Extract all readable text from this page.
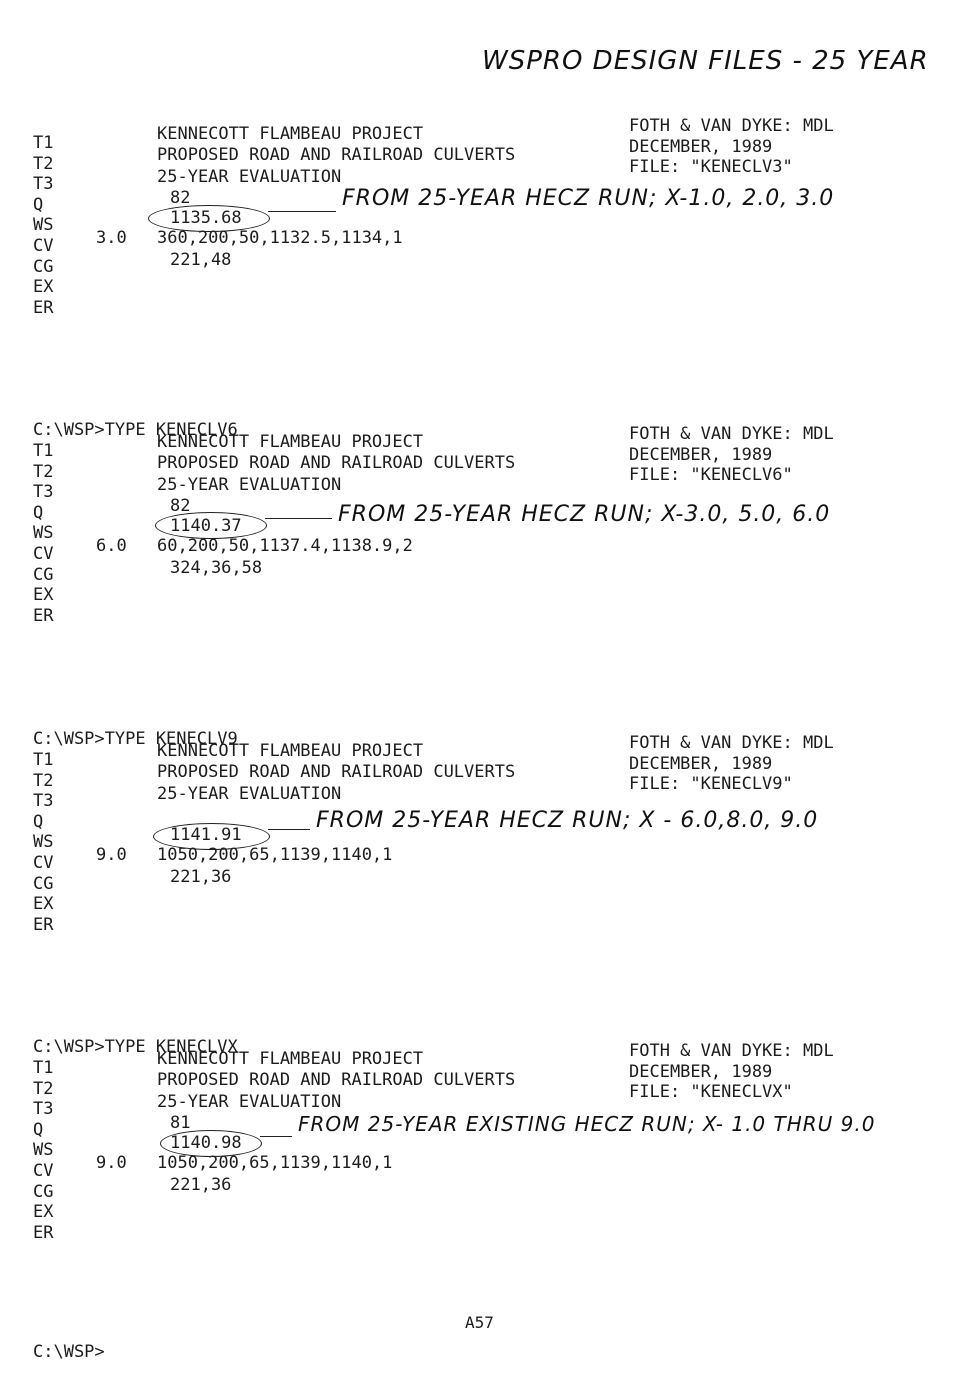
WSPRO DESIGN FILES - 25 YEAR
T1
T2
T3
Q
WS
CV
CG
EX
ER
KENNECOTT FLAMBEAU PROJECT
PROPOSED ROAD AND RAILROAD CULVERTS
25-YEAR EVALUATION
FOTH & VAN DYKE: MDL
DECEMBER, 1989
FILE: "KENECLV3"
82
1135.68
3.0 360,200,50,1132.5,1134,1
221,48
FROM 25-YEAR HECZ RUN; X-1.0, 2.0, 3.0
C:\WSP>TYPE KENECLV6
T1
T2
T3
Q
WS
CV
CG
EX
ER
KENNECOTT FLAMBEAU PROJECT
PROPOSED ROAD AND RAILROAD CULVERTS
25-YEAR EVALUATION
FOTH & VAN DYKE: MDL
DECEMBER, 1989
FILE: "KENECLV6"
82
1140.37
6.0 60,200,50,1137.4,1138.9,2
324,36,58
FROM 25-YEAR HECZ RUN; X-3.0, 5.0, 6.0
C:\WSP>TYPE KENECLV9
T1
T2
T3
Q
WS
CV
CG
EX
ER
KENNECOTT FLAMBEAU PROJECT
PROPOSED ROAD AND RAILROAD CULVERTS
25-YEAR EVALUATION
FOTH & VAN DYKE: MDL
DECEMBER, 1989
FILE: "KENECLV9"
1141.91
9.0 1050,200,65,1139,1140,1
221,36
FROM 25-YEAR HECZ RUN; X - 6.0,8.0, 9.0
C:\WSP>TYPE KENECLVX
T1
T2
T3
Q
WS
CV
CG
EX
ER
KENNECOTT FLAMBEAU PROJECT
PROPOSED ROAD AND RAILROAD CULVERTS
25-YEAR EVALUATION
FOTH & VAN DYKE: MDL
DECEMBER, 1989
FILE: "KENECLVX"
81
1140.98
9.0 1050,200,65,1139,1140,1
221,36
FROM 25-YEAR EXISTING HECZ RUN; X- 1.0 THRU 9.0
A57
C:\WSP>
